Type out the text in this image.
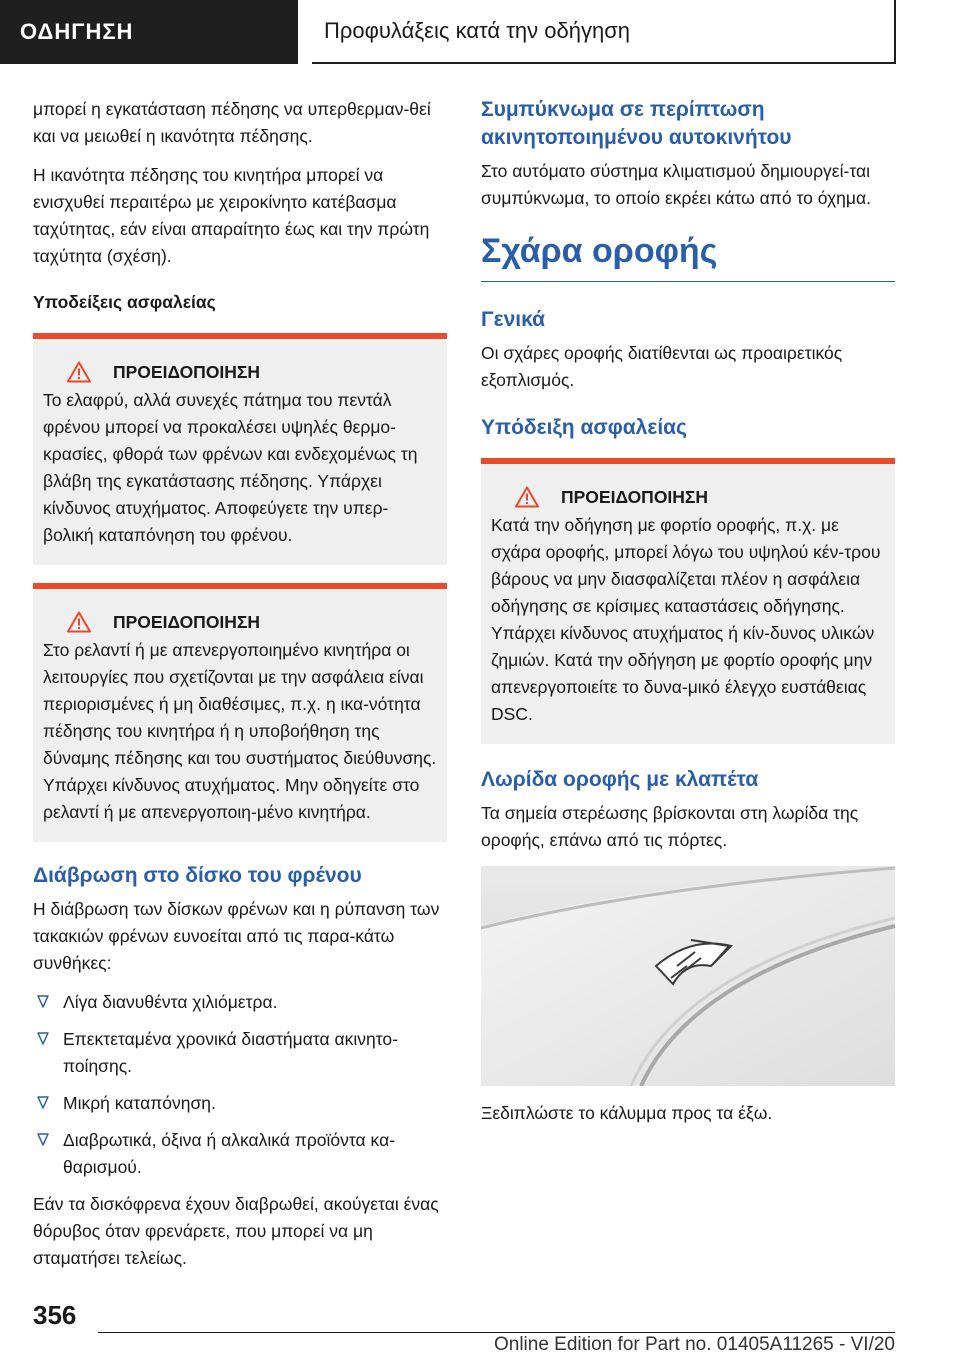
ΟΔΗΓΗΣΗ	Προφυλάξεις κατά την οδήγηση

μπορεί η εγκατάσταση πέδησης να υπερθερμαν-θεί και να μειωθεί η ικανότητα πέδησης.

Η ικανότητα πέδησης του κινητήρα μπορεί να ενισχυθεί περαιτέρω με χειροκίνητο κατέβασμα ταχύτητας, εάν είναι απαραίτητο έως και την πρώτη ταχύτητα (σχέση).

Υποδείξεις ασφαλείας
ΠΡΟΕΙΔΟΠΟΙΗΣΗ

Το ελαφρύ, αλλά συνεχές πάτημα του πεντάλ φρένου μπορεί να προκαλέσει υψηλές θερμο-κρασίες, φθορά των φρένων και ενδεχομένως τη βλάβη της εγκατάστασης πέδησης. Υπάρχει κίνδυνος ατυχήματος. Αποφεύγετε την υπερ-βολική καταπόνηση του φρένου.

ΠΡΟΕΙΔΟΠΟΙΗΣΗ

Στο ρελαντί ή με απενεργοποιημένο κινητήρα οι λειτουργίες που σχετίζονται με την ασφάλεια είναι περιορισμένες ή μη διαθέσιμες, π.χ. η ικα-νότητα πέδησης του κινητήρα ή η υποβοήθηση της δύναμης πέδησης και του συστήματος διεύθυνσης. Υπάρχει κίνδυνος ατυχήματος. Μην οδηγείτε στο ρελαντί ή με απενεργοποιη-μένο κινητήρα.

Διάβρωση στο δίσκο του φρένου

Η διάβρωση των δίσκων φρένων και η ρύπανση των τακακιών φρένων ευνοείται από τις παρα-κάτω συνθήκες:

Λίγα διανυθέντα χιλιόμετρα.
Επεκτεταμένα χρονικά διαστήματα ακινητο-ποίησης.
Μικρή καταπόνηση.
Διαβρωτικά, όξινα ή αλκαλικά προϊόντα κα-θαρισμού.

Εάν τα δισκόφρενα έχουν διαβρωθεί, ακούγεται ένας θόρυβος όταν φρενάρετε, που μπορεί να μη σταματήσει τελείως.

Συμπύκνωμα σε περίπτωση ακινητοποιημένου αυτοκινήτου

Στο αυτόματο σύστημα κλιματισμού δημιουργεί-ται συμπύκνωμα, το οποίο εκρέει κάτω από το όχημα.

Σχάρα οροφής
Γενικά

Οι σχάρες οροφής διατίθενται ως προαιρετικός εξοπλισμός.

Υπόδειξη ασφαλείας
ΠΡΟΕΙΔΟΠΟΙΗΣΗ

Κατά την οδήγηση με φορτίο οροφής, π.χ. με σχάρα οροφής, μπορεί λόγω του υψηλού κέν-τρου βάρους να μην διασφαλίζεται πλέον η ασφάλεια οδήγησης σε κρίσιμες καταστάσεις οδήγησης. Υπάρχει κίνδυνος ατυχήματος ή κίν-δυνος υλικών ζημιών. Κατά την οδήγηση με φορτίο οροφής μην απενεργοποιείτε το δυνα-μικό έλεγχο ευστάθειας DSC.

Λωρίδα οροφής με κλαπέτα

Τα σημεία στερέωσης βρίσκονται στη λωρίδα της οροφής, επάνω από τις πόρτες.

Ξεδιπλώστε το κάλυμμα προς τα έξω.

356
Online Edition for Part no. 01405A11265 - VI/20
